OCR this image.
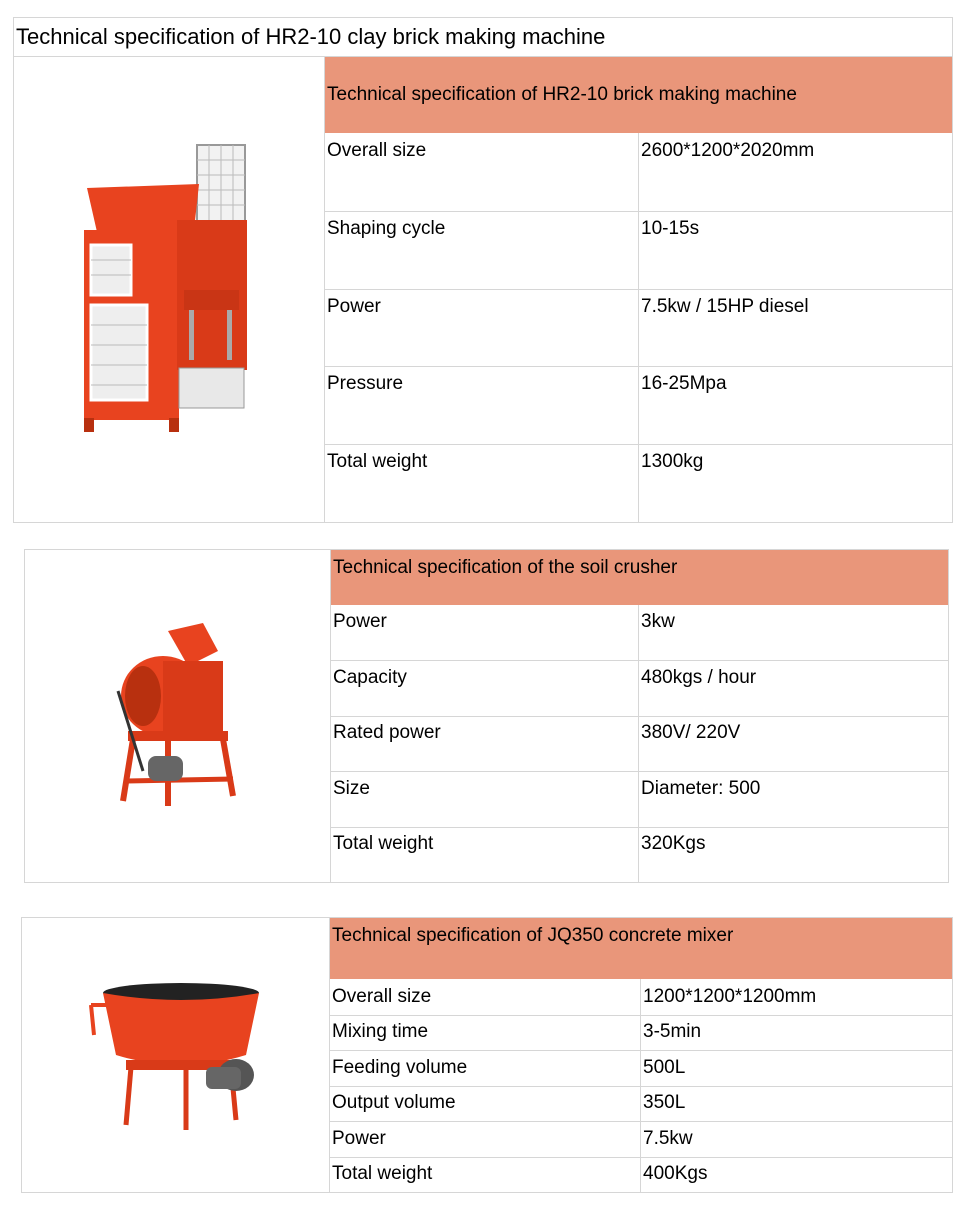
Technical specification of HR2-10 clay brick making machine
Technical specification of HR2-10 brick making machine
Overall size	2600*1200*2020mm
Shaping cycle	10-15s
Power	7.5kw / 15HP diesel
Pressure	16-25Mpa
Total weight	1300kg
Technical specification of the soil crusher
Power	3kw
Capacity	480kgs / hour
Rated power	380V/ 220V
Size	Diameter: 500
Total weight	320Kgs
Technical specification of JQ350 concrete mixer
Overall size	1200*1200*1200mm
Mixing time	3-5min
Feeding volume	500L
Output volume	350L
Power	7.5kw
Total weight	400Kgs
